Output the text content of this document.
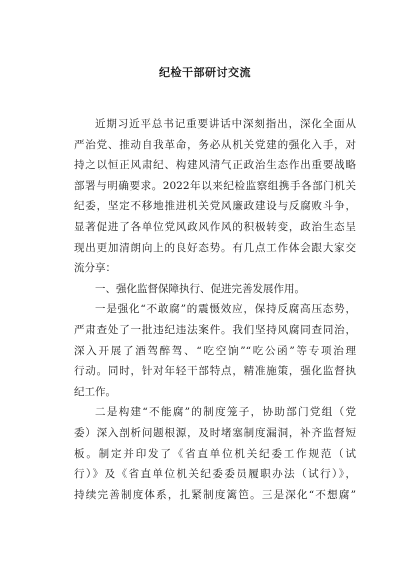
纪检干部研讨交流
近期习近平总书记重要讲话中深刻指出，深化全面从
严治党、推动自我革命，务必从机关党建的强化入手，对
持之以恒正风肃纪、构建风清气正政治生态作出重要战略
部署与明确要求。2022年以来纪检监察组携手各部门机关
纪委，坚定不移地推进机关党风廉政建设与反腐败斗争，
显著促进了各单位党风政风作风的积极转变，政治生态呈
现出更加清朗向上的良好态势。有几点工作体会跟大家交
流分享：
一、强化监督保障执行、促进完善发展作用。
一是强化“不敢腐”的震慑效应，保持反腐高压态势，
严肃查处了一批违纪违法案件。我们坚持风腐同查同治，
深入开展了酒驾醉驾、“吃空饷”“吃公函”等专项治理
行动。同时，针对年轻干部特点，精准施策，强化监督执
纪工作。
二是构建“不能腐”的制度笼子，协助部门党组（党
委）深入剖析问题根源，及时堵塞制度漏洞，补齐监督短
板。制定并印发了《省直单位机关纪委工作规范（试
行）》及《省直单位机关纪委委员履职办法（试行）》，
持续完善制度体系，扎紧制度篱笆。三是深化“不想腐”
